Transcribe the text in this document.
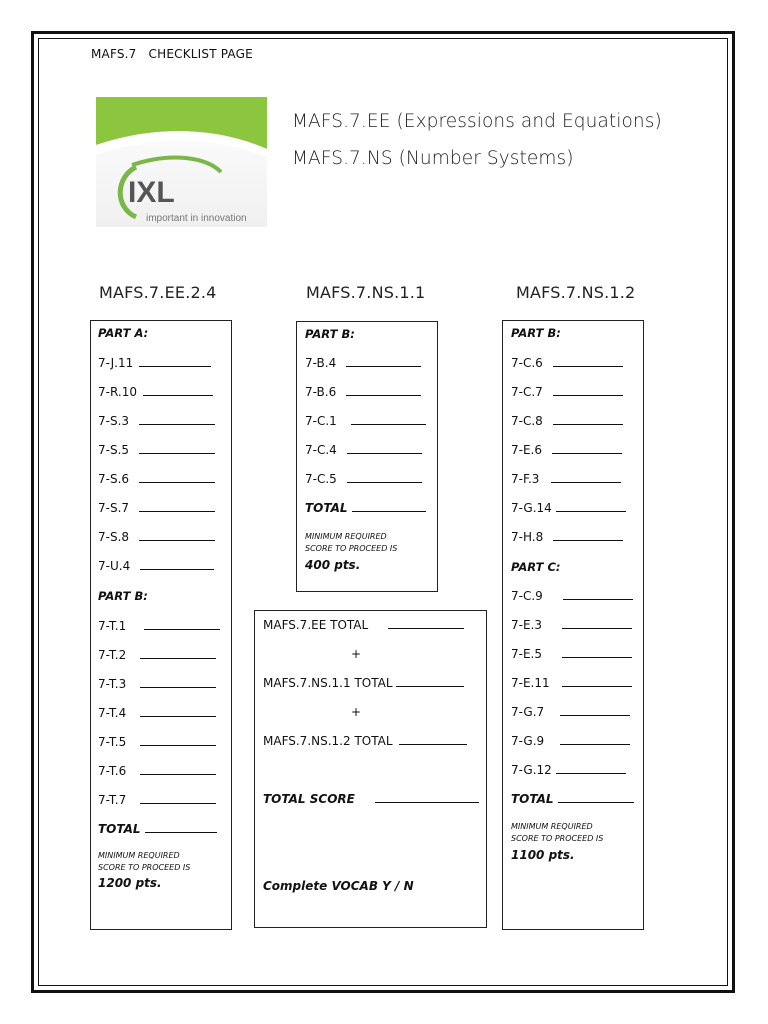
MAFS.7 CHECKLIST PAGE
IXL
important in innovation
MAFS.7.EE (Expressions and Equations)
MAFS.7.NS (Number Systems)
MAFS.7.EE.2.4
PART A:
7-J.11
7-R.10
7-S.3
7-S.5
7-S.6
7-S.7
7-S.8
7-U.4
PART B:
7-T.1
7-T.2
7-T.3
7-T.4
7-T.5
7-T.6
7-T.7
TOTAL
MINIMUM REQUIRED
SCORE TO PROCEED IS
1200 pts.
MAFS.7.NS.1.1
PART B:
7-B.4
7-B.6
7-C.1
7-C.4
7-C.5
TOTAL
MINIMUM REQUIRED
SCORE TO PROCEED IS
400 pts.
MAFS.7.EE TOTAL
+
MAFS.7.NS.1.1 TOTAL
+
MAFS.7.NS.1.2 TOTAL
TOTAL SCORE
Complete VOCAB Y / N
MAFS.7.NS.1.2
PART B:
7-C.6
7-C.7
7-C.8
7-E.6
7-F.3
7-G.14
7-H.8
PART C:
7-C.9
7-E.3
7-E.5
7-E.11
7-G.7
7-G.9
7-G.12
TOTAL
MINIMUM REQUIRED
SCORE TO PROCEED IS
1100 pts.
